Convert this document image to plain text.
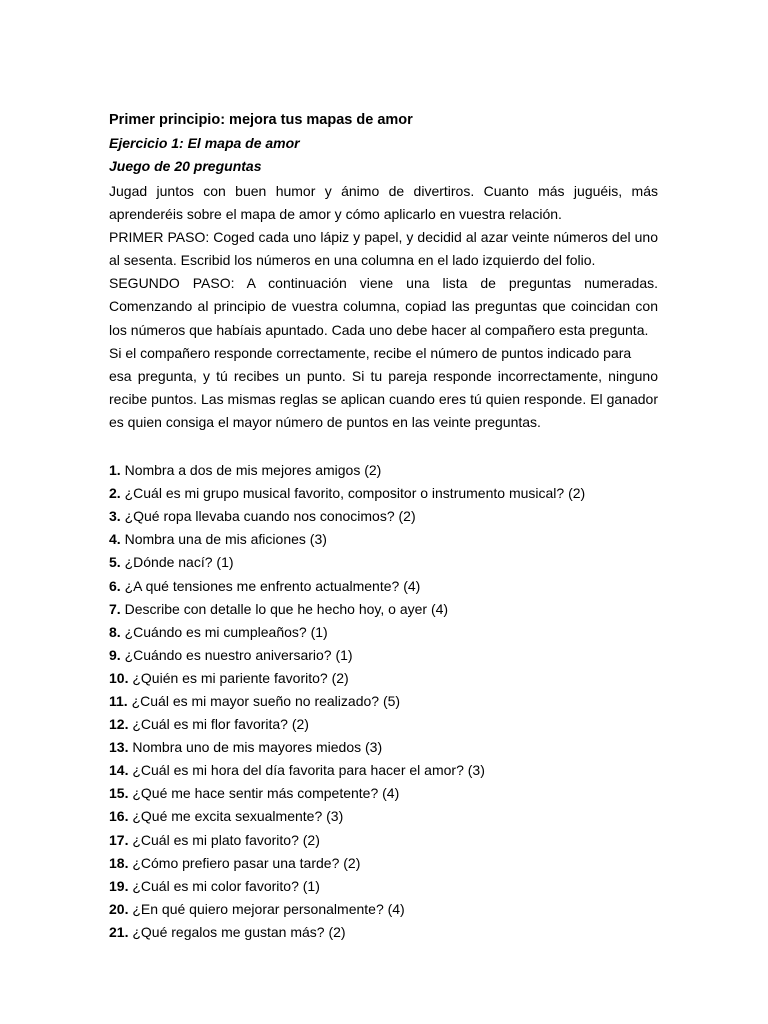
Primer principio: mejora tus mapas de amor
Ejercicio 1: El mapa de amor
Juego de 20 preguntas

Jugad juntos con buen humor y ánimo de divertiros. Cuanto más juguéis, más aprenderéis sobre el mapa de amor y cómo aplicarlo en vuestra relación.

PRIMER PASO: Coged cada uno lápiz y papel, y decidid al azar veinte números del uno al sesenta. Escribid los números en una columna en el lado izquierdo del folio.

SEGUNDO PASO: A continuación viene una lista de preguntas numeradas. Comenzando al principio de vuestra columna, copiad las preguntas que coincidan con los números que habíais apuntado. Cada uno debe hacer al compañero esta pregunta.

Si el compañero responde correctamente, recibe el número de puntos indicado para

esa pregunta, y tú recibes un punto. Si tu pareja responde incorrectamente, ninguno recibe puntos. Las mismas reglas se aplican cuando eres tú quien responde. El ganador es quien consiga el mayor número de puntos en las veinte preguntas.

1. Nombra a dos de mis mejores amigos (2)
2. ¿Cuál es mi grupo musical favorito, compositor o instrumento musical? (2)
3. ¿Qué ropa llevaba cuando nos conocimos? (2)
4. Nombra una de mis aficiones (3)
5. ¿Dónde nací? (1)
6. ¿A qué tensiones me enfrento actualmente? (4)
7. Describe con detalle lo que he hecho hoy, o ayer (4)
8. ¿Cuándo es mi cumpleaños? (1)
9. ¿Cuándo es nuestro aniversario? (1)
10. ¿Quién es mi pariente favorito? (2)
11. ¿Cuál es mi mayor sueño no realizado? (5)
12. ¿Cuál es mi flor favorita? (2)
13. Nombra uno de mis mayores miedos (3)
14. ¿Cuál es mi hora del día favorita para hacer el amor? (3)
15. ¿Qué me hace sentir más competente? (4)
16. ¿Qué me excita sexualmente? (3)
17. ¿Cuál es mi plato favorito? (2)
18. ¿Cómo prefiero pasar una tarde? (2)
19. ¿Cuál es mi color favorito? (1)
20. ¿En qué quiero mejorar personalmente? (4)
21. ¿Qué regalos me gustan más? (2)
